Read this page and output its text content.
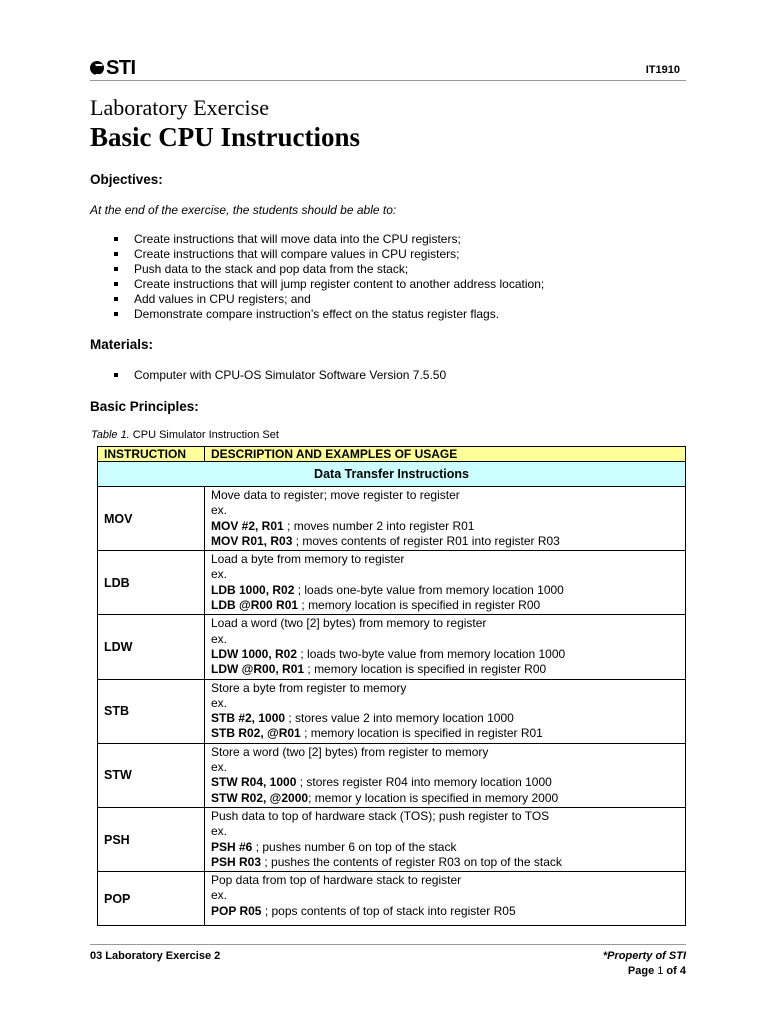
STI	IT1910
Laboratory Exercise
Basic CPU Instructions
Objectives:
At the end of the exercise, the students should be able to:
Create instructions that will move data into the CPU registers;
Create instructions that will compare values in CPU registers;
Push data to the stack and pop data from the stack;
Create instructions that will jump register content to another address location;
Add values in CPU registers; and
Demonstrate compare instruction’s effect on the status register flags.
Materials:
Computer with CPU-OS Simulator Software Version 7.5.50
Basic Principles:
Table 1. CPU Simulator Instruction Set
INSTRUCTION	DESCRIPTION AND EXAMPLES OF USAGE
Data Transfer Instructions	
MOV	Move data to register; move register to register
ex.
MOV #2, R01 ; moves number 2 into register R01
MOV R01, R03 ; moves contents of register R01 into register R03

LDB	Load a byte from memory to register
ex.
LDB 1000, R02 ; loads one-byte value from memory location 1000
LDB @R00 R01 ; memory location is specified in register R00

LDW	Load a word (two [2] bytes) from memory to register
ex.
LDW 1000, R02 ; loads two-byte value from memory location 1000
LDW @R00, R01 ; memory location is specified in register R00

STB	Store a byte from register to memory
ex.
STB #2, 1000 ; stores value 2 into memory location 1000
STB R02, @R01 ; memory location is specified in register R01

STW	Store a word (two [2] bytes) from register to memory
ex.
STW R04, 1000 ; stores register R04 into memory location 1000
STW R02, @2000; memor y location is specified in memory 2000

PSH	Push data to top of hardware stack (TOS); push register to TOS
ex.
PSH #6 ; pushes number 6 on top of the stack
PSH R03 ; pushes the contents of register R03 on top of the stack

POP	Pop data from top of hardware stack to register
ex.
POP R05 ; pops contents of top of stack into register R05
03 Laboratory Exercise 2	*Property of STI
Page 1 of 4
